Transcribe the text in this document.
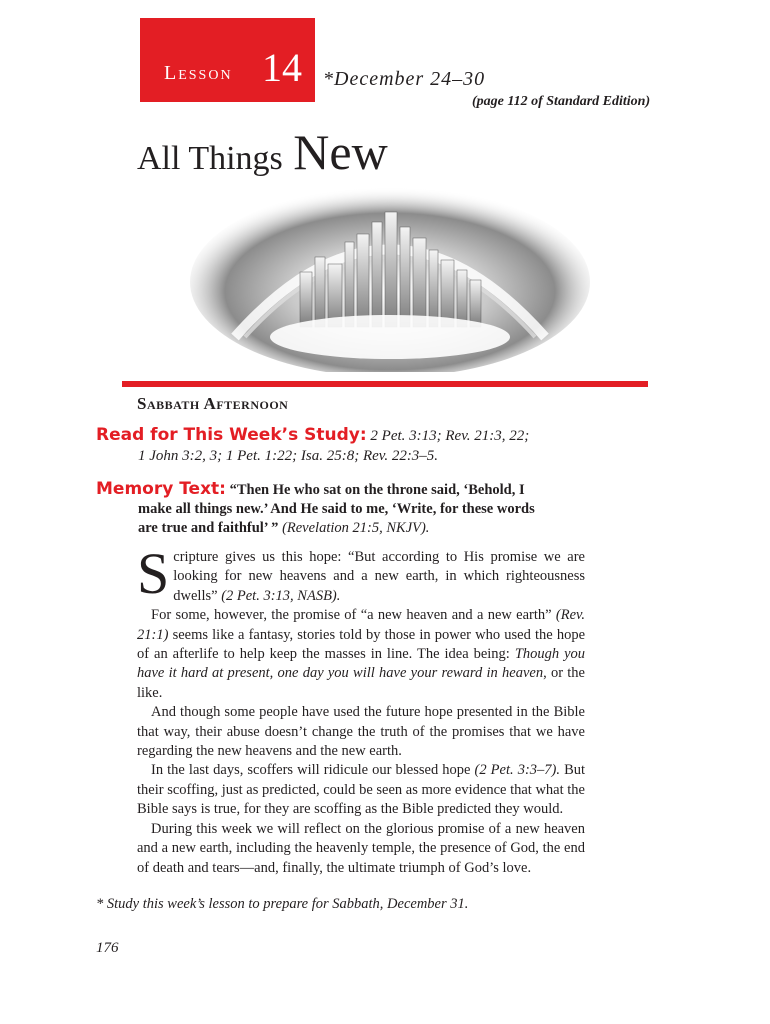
Lesson 14 *December 24–30
(page 112 of Standard Edition)
All Things New
Sabbath Afternoon
Read for This Week’s Study: 2 Pet. 3:13; Rev. 21:3, 22;
1 John 3:2, 3; 1 Pet. 1:22; Isa. 25:8; Rev. 22:3–5.
Memory Text: “Then He who sat on the throne said, ‘Behold, I
make all things new.’ And He said to me, ‘Write, for these words
are true and faithful’ ” (Revelation 21:5, NKJV).

Scripture gives us this hope: “But according to His promise we are looking for new heavens and a new earth, in which righteousness dwells” (2 Pet. 3:13, NASB).

For some, however, the promise of “a new heaven and a new earth” (Rev. 21:1) seems like a fantasy, stories told by those in power who used the hope of an afterlife to help keep the masses in line. The idea being: Though you have it hard at present, one day you will have your reward in heaven, or the like.

And though some people have used the future hope presented in the Bible that way, their abuse doesn’t change the truth of the promises that we have regarding the new heavens and the new earth.

In the last days, scoffers will ridicule our blessed hope (2 Pet. 3:3–7). But their scoffing, just as predicted, could be seen as more evidence that what the Bible says is true, for they are scoffing as the Bible predicted they would.

During this week we will reflect on the glorious promise of a new heaven and a new earth, including the heavenly temple, the presence of God, the end of death and tears—and, finally, the ultimate triumph of God’s love.

* Study this week’s lesson to prepare for Sabbath, December 31.
176
